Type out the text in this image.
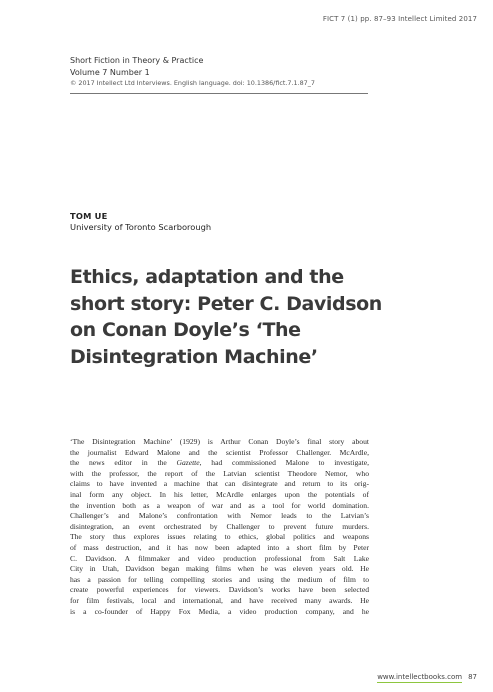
FICT 7 (1) pp. 87–93 Intellect Limited 2017
Short Fiction in Theory & Practice
Volume 7 Number 1
© 2017 Intellect Ltd Interviews. English language. doi: 10.1386/fict.7.1.87_7
TOM UE
University of Toronto Scarborough
Ethics, adaptation and the
short story: Peter C. Davidson
on Conan Doyle’s ‘The
Disintegration Machine’
‘The Disintegration Machine’ (1929) is Arthur Conan Doyle’s final story about
the journalist Edward Malone and the scientist Professor Challenger. McArdle,
the news editor in the Gazette, had commissioned Malone to investigate,
with the professor, the report of the Latvian scientist Theodore Nemor, who
claims to have invented a machine that can disintegrate and return to its orig-
inal form any object. In his letter, McArdle enlarges upon the potentials of
the invention both as a weapon of war and as a tool for world domination.
Challenger’s and Malone’s confrontation with Nemor leads to the Latvian’s
disintegration, an event orchestrated by Challenger to prevent future murders.
The story thus explores issues relating to ethics, global politics and weapons
of mass destruction, and it has now been adapted into a short film by Peter
C. Davidson. A filmmaker and video production professional from Salt Lake
City in Utah, Davidson began making films when he was eleven years old. He
has a passion for telling compelling stories and using the medium of film to
create powerful experiences for viewers. Davidson’s works have been selected
for film festivals, local and international, and have received many awards. He
is a co-founder of Happy Fox Media, a video production company, and he
www.intellectbooks.com 87
